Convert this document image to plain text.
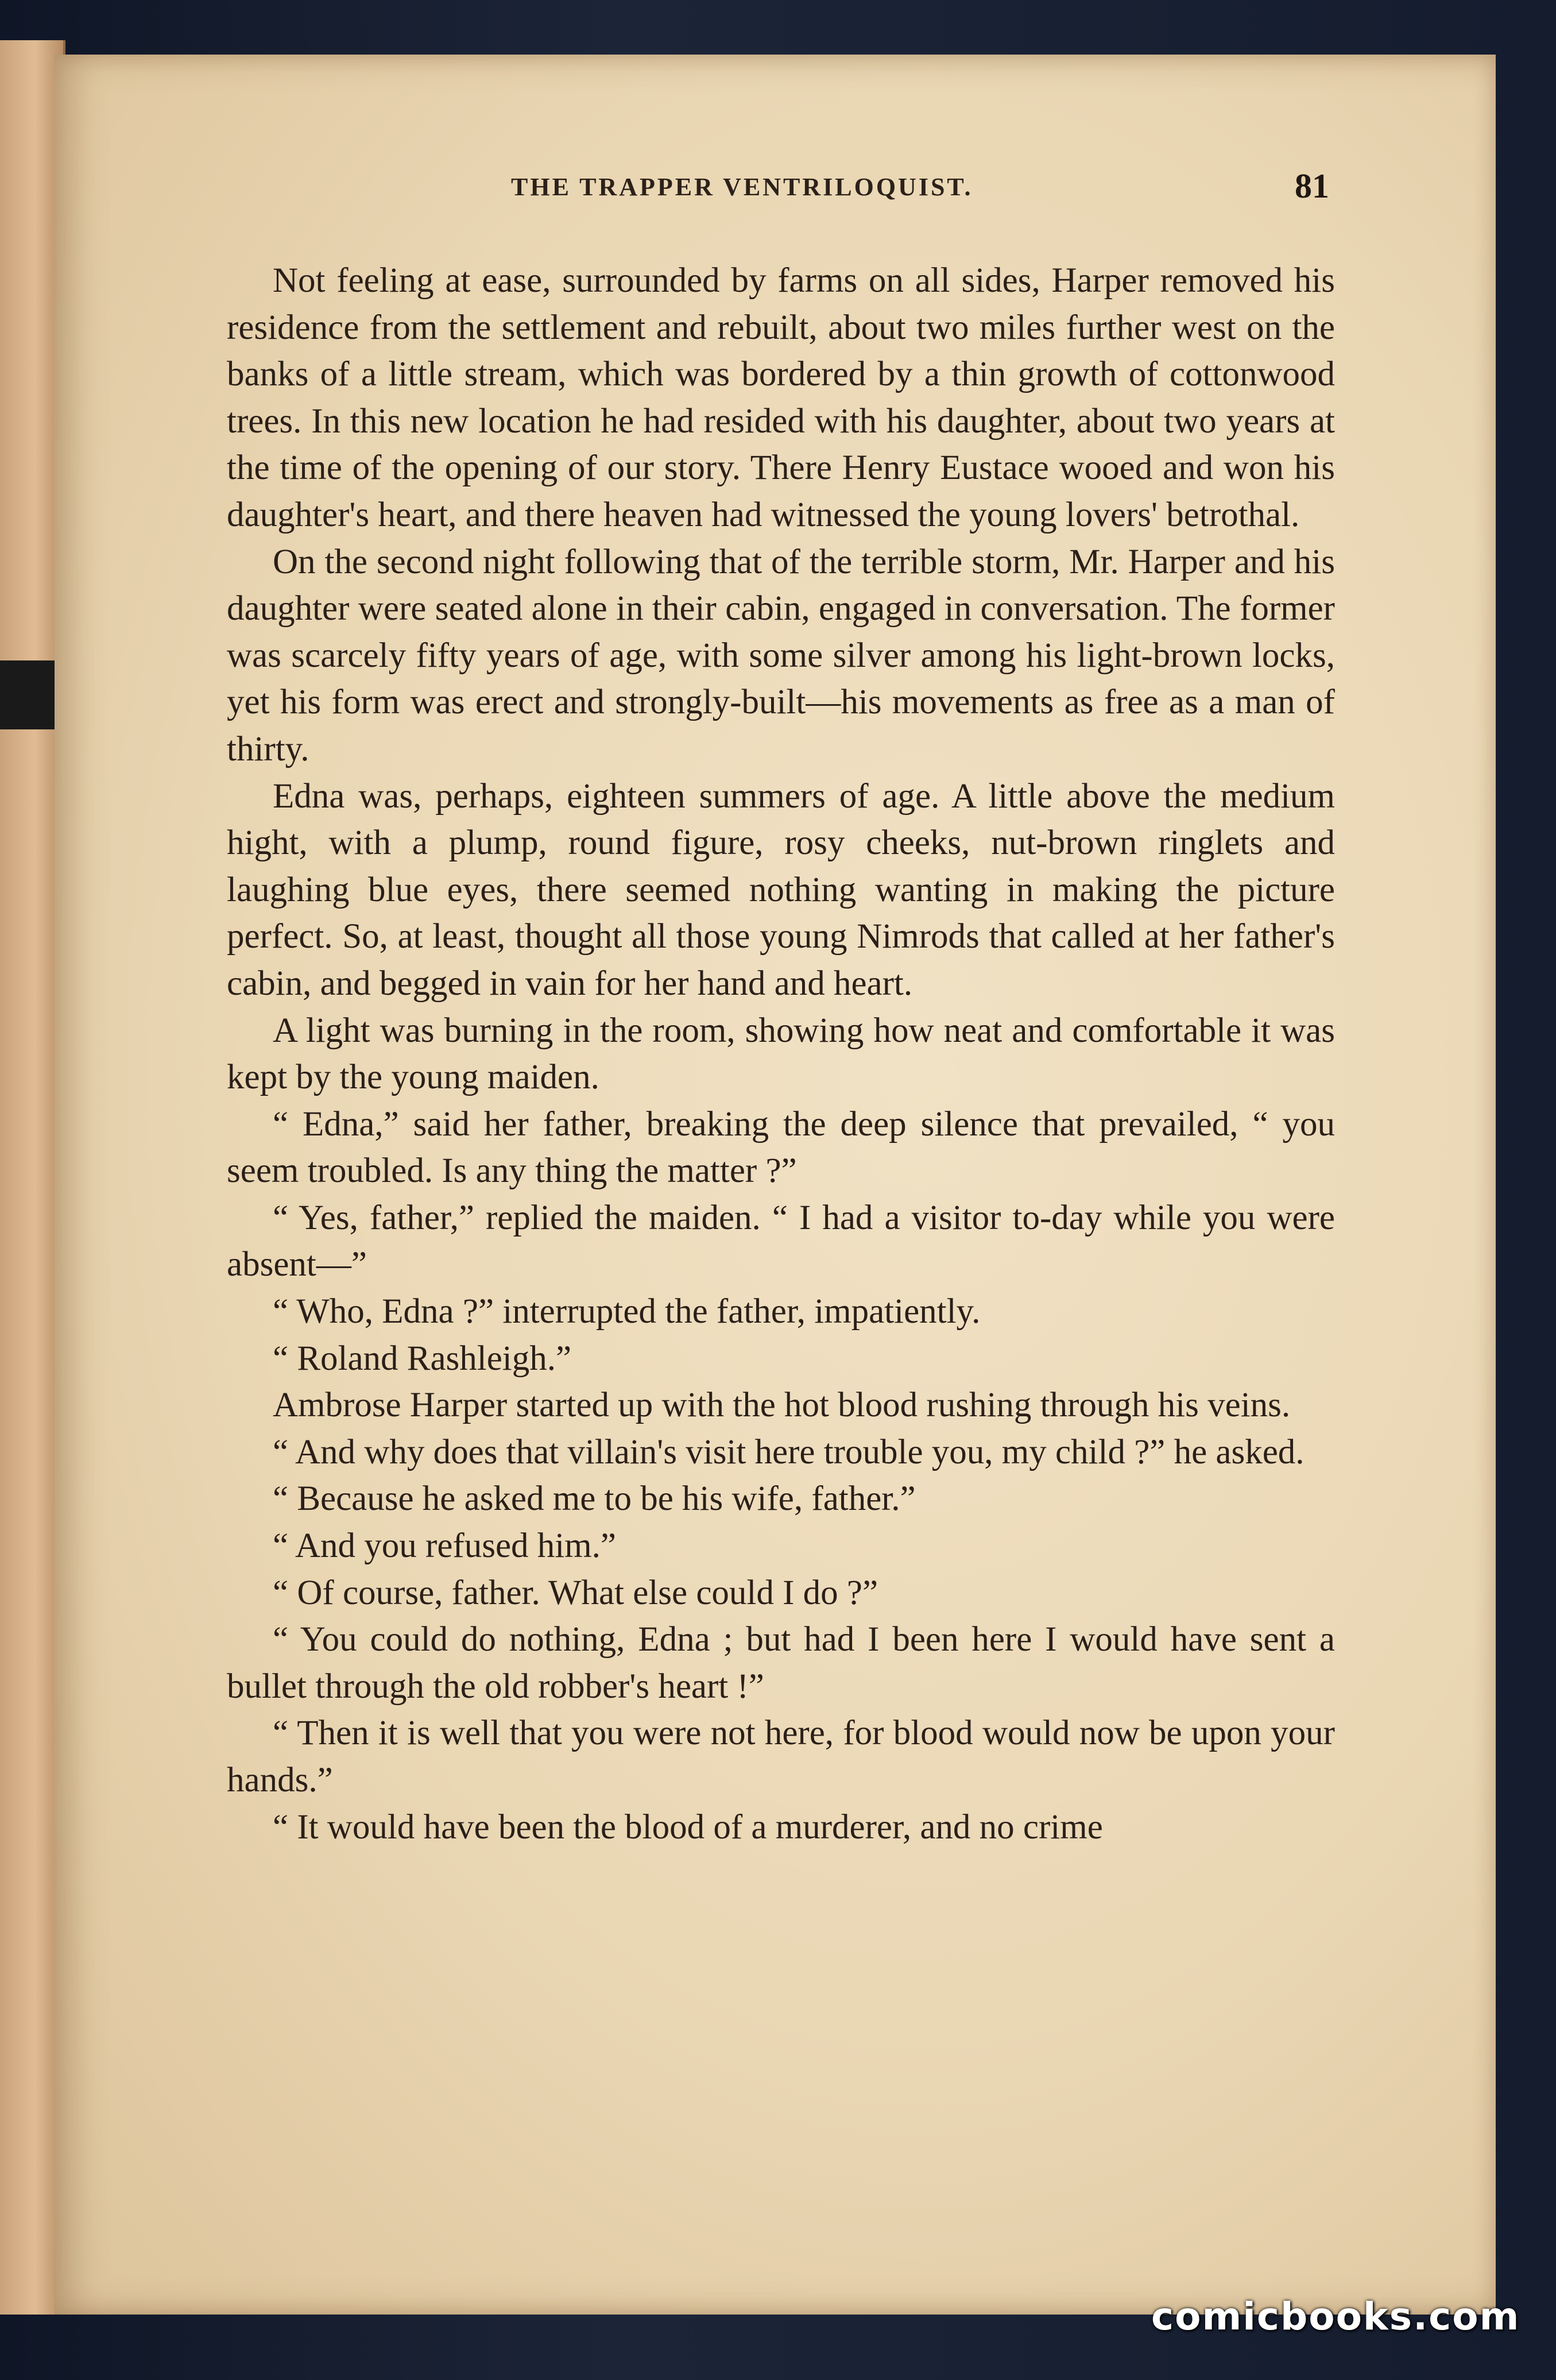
THE TRAPPER VENTRILOQUIST.	81

Not feeling at ease, surrounded by farms on all sides, Harper removed his residence from the settlement and rebuilt, about two miles further west on the banks of a little stream, which was bordered by a thin growth of cottonwood trees. In this new location he had resided with his daughter, about two years at the time of the opening of our story. There Henry Eustace wooed and won his daughter's heart, and there heaven had witnessed the young lovers' betrothal.

On the second night following that of the terrible storm, Mr. Harper and his daughter were seated alone in their cabin, engaged in conversation. The former was scarcely fifty years of age, with some silver among his light-brown locks, yet his form was erect and strongly-built—his movements as free as a man of thirty.

Edna was, perhaps, eighteen summers of age. A little above the medium hight, with a plump, round figure, rosy cheeks, nut-brown ringlets and laughing blue eyes, there seemed nothing wanting in making the picture perfect. So, at least, thought all those young Nimrods that called at her father's cabin, and begged in vain for her hand and heart.

A light was burning in the room, showing how neat and comfortable it was kept by the young maiden.

“ Edna,” said her father, breaking the deep silence that prevailed, “ you seem troubled. Is any thing the matter ?”

“ Yes, father,” replied the maiden. “ I had a visitor to-day while you were absent—”

“ Who, Edna ?” interrupted the father, impatiently.

“ Roland Rashleigh.”

Ambrose Harper started up with the hot blood rushing through his veins.

“ And why does that villain's visit here trouble you, my child ?” he asked.

“ Because he asked me to be his wife, father.”

“ And you refused him.”

“ Of course, father. What else could I do ?”

“ You could do nothing, Edna ; but had I been here I would have sent a bullet through the old robber's heart !”

“ Then it is well that you were not here, for blood would now be upon your hands.”

“ It would have been the blood of a murderer, and no crime

comicbooks.com
